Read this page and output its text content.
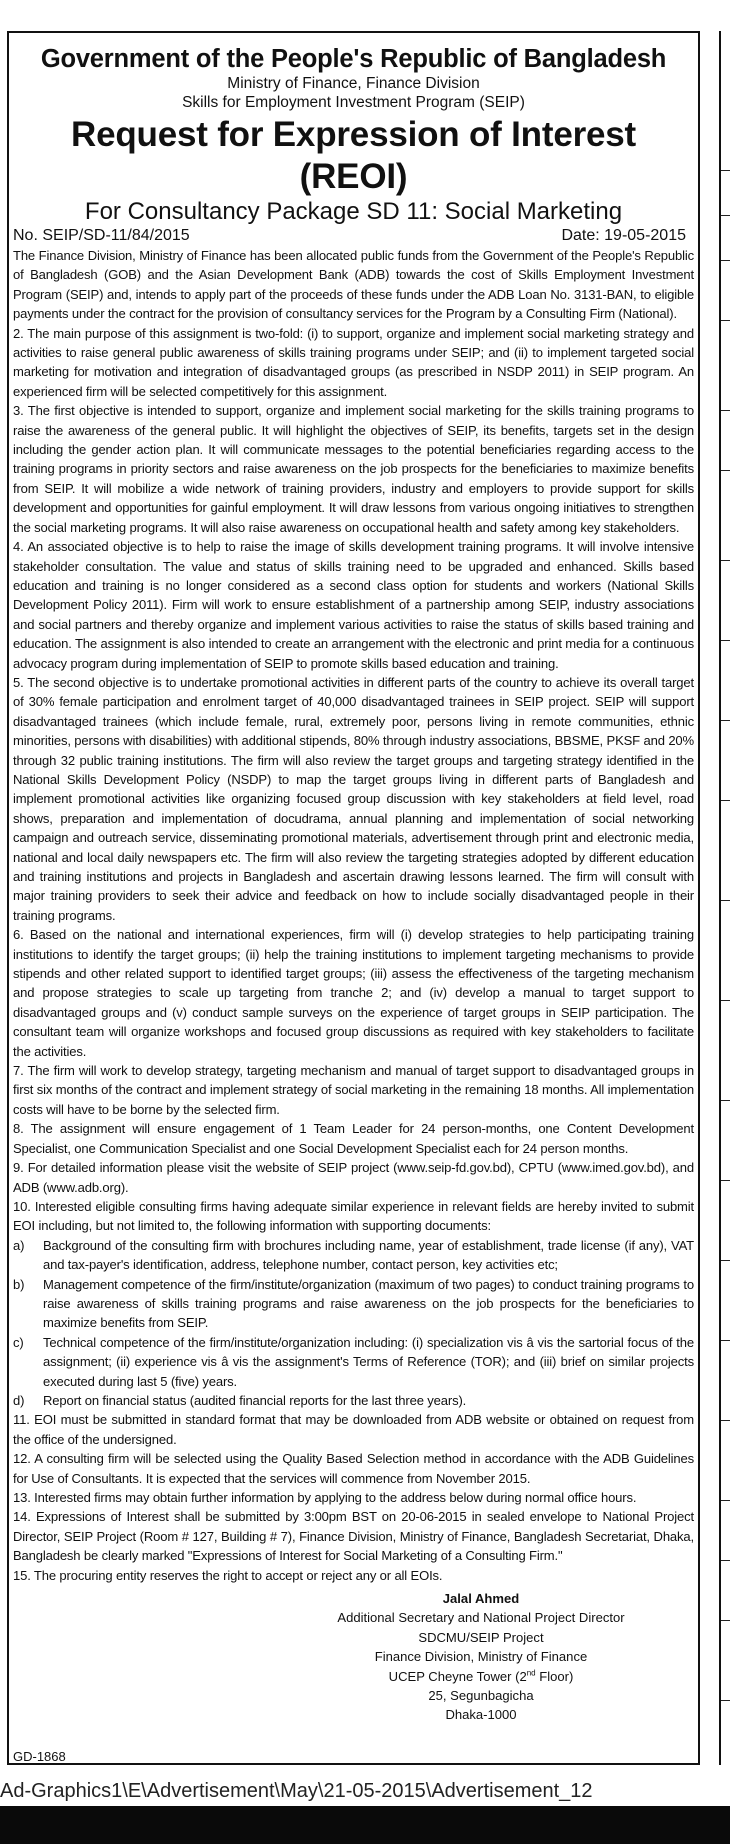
Government of the People's Republic of Bangladesh
Ministry of Finance, Finance Division
Skills for Employment Investment Program (SEIP)
Request for Expression of Interest (REOI)
For Consultancy Package SD 11: Social Marketing
No. SEIP/SD-11/84/2015	Date: 19-05-2015

The Finance Division, Ministry of Finance has been allocated public funds from the Government of the People's Republic of Bangladesh (GOB) and the Asian Development Bank (ADB) towards the cost of Skills Employment Investment Program (SEIP) and, intends to apply part of the proceeds of these funds under the ADB Loan No. 3131-BAN, to eligible payments under the contract for the provision of consultancy services for the Program by a Consulting Firm (National).

2. The main purpose of this assignment is two-fold: (i) to support, organize and implement social marketing strategy and activities to raise general public awareness of skills training programs under SEIP; and (ii) to implement targeted social marketing for motivation and integration of disadvantaged groups (as prescribed in NSDP 2011) in SEIP program. An experienced firm will be selected competitively for this assignment.

3. The first objective is intended to support, organize and implement social marketing for the skills training programs to raise the awareness of the general public. It will highlight the objectives of SEIP, its benefits, targets set in the design including the gender action plan. It will communicate messages to the potential beneficiaries regarding access to the training programs in priority sectors and raise awareness on the job prospects for the beneficiaries to maximize benefits from SEIP. It will mobilize a wide network of training providers, industry and employers to provide support for skills development and opportunities for gainful employment. It will draw lessons from various ongoing initiatives to strengthen the social marketing programs. It will also raise awareness on occupational health and safety among key stakeholders.

4. An associated objective is to help to raise the image of skills development training programs. It will involve intensive stakeholder consultation. The value and status of skills training need to be upgraded and enhanced. Skills based education and training is no longer considered as a second class option for students and workers (National Skills Development Policy 2011). Firm will work to ensure establishment of a partnership among SEIP, industry associations and social partners and thereby organize and implement various activities to raise the status of skills based training and education. The assignment is also intended to create an arrangement with the electronic and print media for a continuous advocacy program during implementation of SEIP to promote skills based education and training.

5. The second objective is to undertake promotional activities in different parts of the country to achieve its overall target of 30% female participation and enrolment target of 40,000 disadvantaged trainees in SEIP project. SEIP will support disadvantaged trainees (which include female, rural, extremely poor, persons living in remote communities, ethnic minorities, persons with disabilities) with additional stipends, 80% through industry associations, BBSME, PKSF and 20% through 32 public training institutions. The firm will also review the target groups and targeting strategy identified in the National Skills Development Policy (NSDP) to map the target groups living in different parts of Bangladesh and implement promotional activities like organizing focused group discussion with key stakeholders at field level, road shows, preparation and implementation of docudrama, annual planning and implementation of social networking campaign and outreach service, disseminating promotional materials, advertisement through print and electronic media, national and local daily newspapers etc. The firm will also review the targeting strategies adopted by different education and training institutions and projects in Bangladesh and ascertain drawing lessons learned. The firm will consult with major training providers to seek their advice and feedback on how to include socially disadvantaged people in their training programs.

6. Based on the national and international experiences, firm will (i) develop strategies to help participating training institutions to identify the target groups; (ii) help the training institutions to implement targeting mechanisms to provide stipends and other related support to identified target groups; (iii) assess the effectiveness of the targeting mechanism and propose strategies to scale up targeting from tranche 2; and (iv) develop a manual to target support to disadvantaged groups and (v) conduct sample surveys on the experience of target groups in SEIP participation. The consultant team will organize workshops and focused group discussions as required with key stakeholders to facilitate the activities.

7. The firm will work to develop strategy, targeting mechanism and manual of target support to disadvantaged groups in first six months of the contract and implement strategy of social marketing in the remaining 18 months. All implementation costs will have to be borne by the selected firm.

8. The assignment will ensure engagement of 1 Team Leader for 24 person-months, one Content Development Specialist, one Communication Specialist and one Social Development Specialist each for 24 person months.

9. For detailed information please visit the website of SEIP project (www.seip-fd.gov.bd), CPTU (www.imed.gov.bd), and ADB (www.adb.org).

10. Interested eligible consulting firms having adequate similar experience in relevant fields are hereby invited to submit EOI including, but not limited to, the following information with supporting documents:

a)	Background of the consulting firm with brochures including name, year of establishment, trade license (if any), VAT and tax-payer's identification, address, telephone number, contact person, key activities etc;
b)	Management competence of the firm/institute/organization (maximum of two pages) to conduct training programs to raise awareness of skills training programs and raise awareness on the job prospects for the beneficiaries to maximize benefits from SEIP.
c)	Technical competence of the firm/institute/organization including: (i) specialization vis â vis the sartorial focus of the assignment; (ii) experience vis â vis the assignment's Terms of Reference (TOR); and (iii) brief on similar projects executed during last 5 (five) years.
d)	Report on financial status (audited financial reports for the last three years).

11. EOI must be submitted in standard format that may be downloaded from ADB website or obtained on request from the office of the undersigned.

12. A consulting firm will be selected using the Quality Based Selection method in accordance with the ADB Guidelines for Use of Consultants. It is expected that the services will commence from November 2015.

13. Interested firms may obtain further information by applying to the address below during normal office hours.

14. Expressions of Interest shall be submitted by 3:00pm BST on 20-06-2015 in sealed envelope to National Project Director, SEIP Project (Room # 127, Building # 7), Finance Division, Ministry of Finance, Bangladesh Secretariat, Dhaka, Bangladesh be clearly marked "Expressions of Interest for Social Marketing of a Consulting Firm."

15. The procuring entity reserves the right to accept or reject any or all EOIs.

Jalal Ahmed
Additional Secretary and National Project Director
SDCMU/SEIP Project
Finance Division, Ministry of Finance
UCEP Cheyne Tower (2nd Floor)
25, Segunbagicha
Dhaka-1000
GD-1868
Ad-Graphics1\E\Advertisement\May\21-05-2015\Advertisement_12
